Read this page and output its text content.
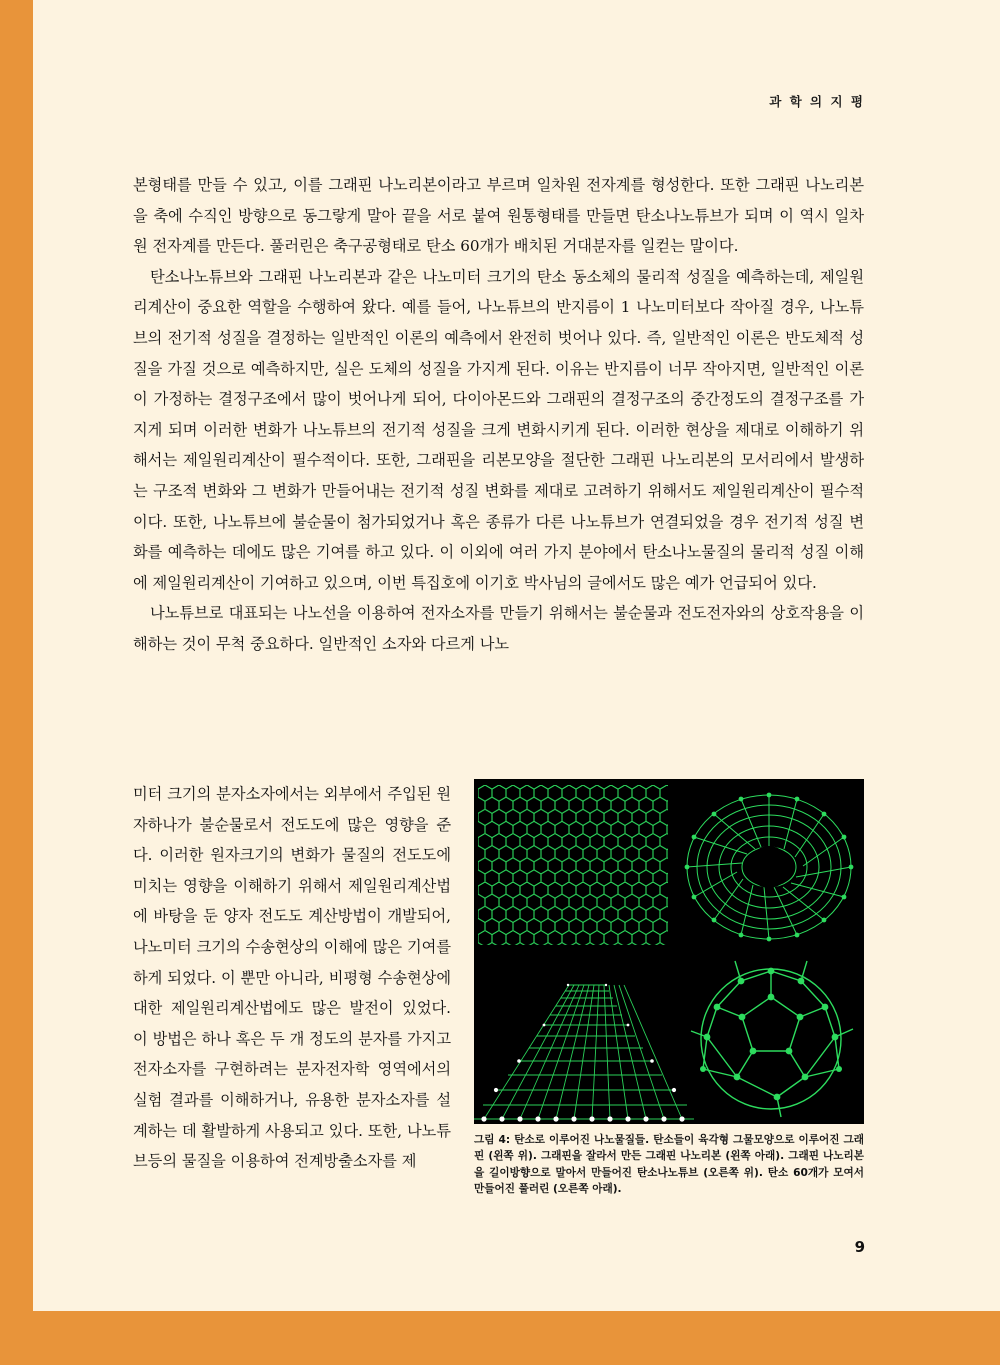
과 학 의 지 평

본형태를 만들 수 있고, 이를 그래핀 나노리본이라고 부르며 일차원 전자계를 형성한다. 또한 그래핀 나노리본을 축에 수직인 방향으로 동그랗게 말아 끝을 서로 붙여 원통형태를 만들면 탄소나노튜브가 되며 이 역시 일차원 전자계를 만든다. 풀러린은 축구공형태로 탄소 60개가 배치된 거대분자를 일컫는 말이다.

탄소나노튜브와 그래핀 나노리본과 같은 나노미터 크기의 탄소 동소체의 물리적 성질을 예측하는데, 제일원리계산이 중요한 역할을 수행하여 왔다. 예를 들어, 나노튜브의 반지름이 1 나노미터보다 작아질 경우, 나노튜브의 전기적 성질을 결정하는 일반적인 이론의 예측에서 완전히 벗어나 있다. 즉, 일반적인 이론은 반도체적 성질을 가질 것으로 예측하지만, 실은 도체의 성질을 가지게 된다. 이유는 반지름이 너무 작아지면, 일반적인 이론이 가정하는 결정구조에서 많이 벗어나게 되어, 다이아몬드와 그래핀의 결정구조의 중간정도의 결정구조를 가지게 되며 이러한 변화가 나노튜브의 전기적 성질을 크게 변화시키게 된다. 이러한 현상을 제대로 이해하기 위해서는 제일원리계산이 필수적이다. 또한, 그래핀을 리본모양을 절단한 그래핀 나노리본의 모서리에서 발생하는 구조적 변화와 그 변화가 만들어내는 전기적 성질 변화를 제대로 고려하기 위해서도 제일원리계산이 필수적이다. 또한, 나노튜브에 불순물이 첨가되었거나 혹은 종류가 다른 나노튜브가 연결되었을 경우 전기적 성질 변화를 예측하는 데에도 많은 기여를 하고 있다. 이 이외에 여러 가지 분야에서 탄소나노물질의 물리적 성질 이해에 제일원리계산이 기여하고 있으며, 이번 특집호에 이기호 박사님의 글에서도 많은 예가 언급되어 있다.

나노튜브로 대표되는 나노선을 이용하여 전자소자를 만들기 위해서는 불순물과 전도전자와의 상호작용을 이해하는 것이 무척 중요하다. 일반적인 소자와 다르게 나노

미터 크기의 분자소자에서는 외부에서 주입된 원자하나가 불순물로서 전도도에 많은 영향을 준다. 이러한 원자크기의 변화가 물질의 전도도에 미치는 영향을 이해하기 위해서 제일원리계산법에 바탕을 둔 양자 전도도 계산방법이 개발되어, 나노미터 크기의 수송현상의 이해에 많은 기여를 하게 되었다. 이 뿐만 아니라, 비평형 수송현상에 대한 제일원리계산법에도 많은 발전이 있었다. 이 방법은 하나 혹은 두 개 정도의 분자를 가지고 전자소자를 구현하려는 분자전자학 영역에서의 실험 결과를 이해하거나, 유용한 분자소자를 설계하는 데 활발하게 사용되고 있다. 또한, 나노튜브등의 물질을 이용하여 전계방출소자를 제

그림 4: 탄소로 이루어진 나노물질들. 탄소들이 육각형 그물모양으로 이루어진 그래핀 (왼쪽 위). 그래핀을 잘라서 만든 그래핀 나노리본 (왼쪽 아래). 그래핀 나노리본을 길이방향으로 말아서 만들어진 탄소나노튜브 (오른쪽 위). 탄소 60개가 모여서 만들어진 풀러린 (오른쪽 아래).
9
